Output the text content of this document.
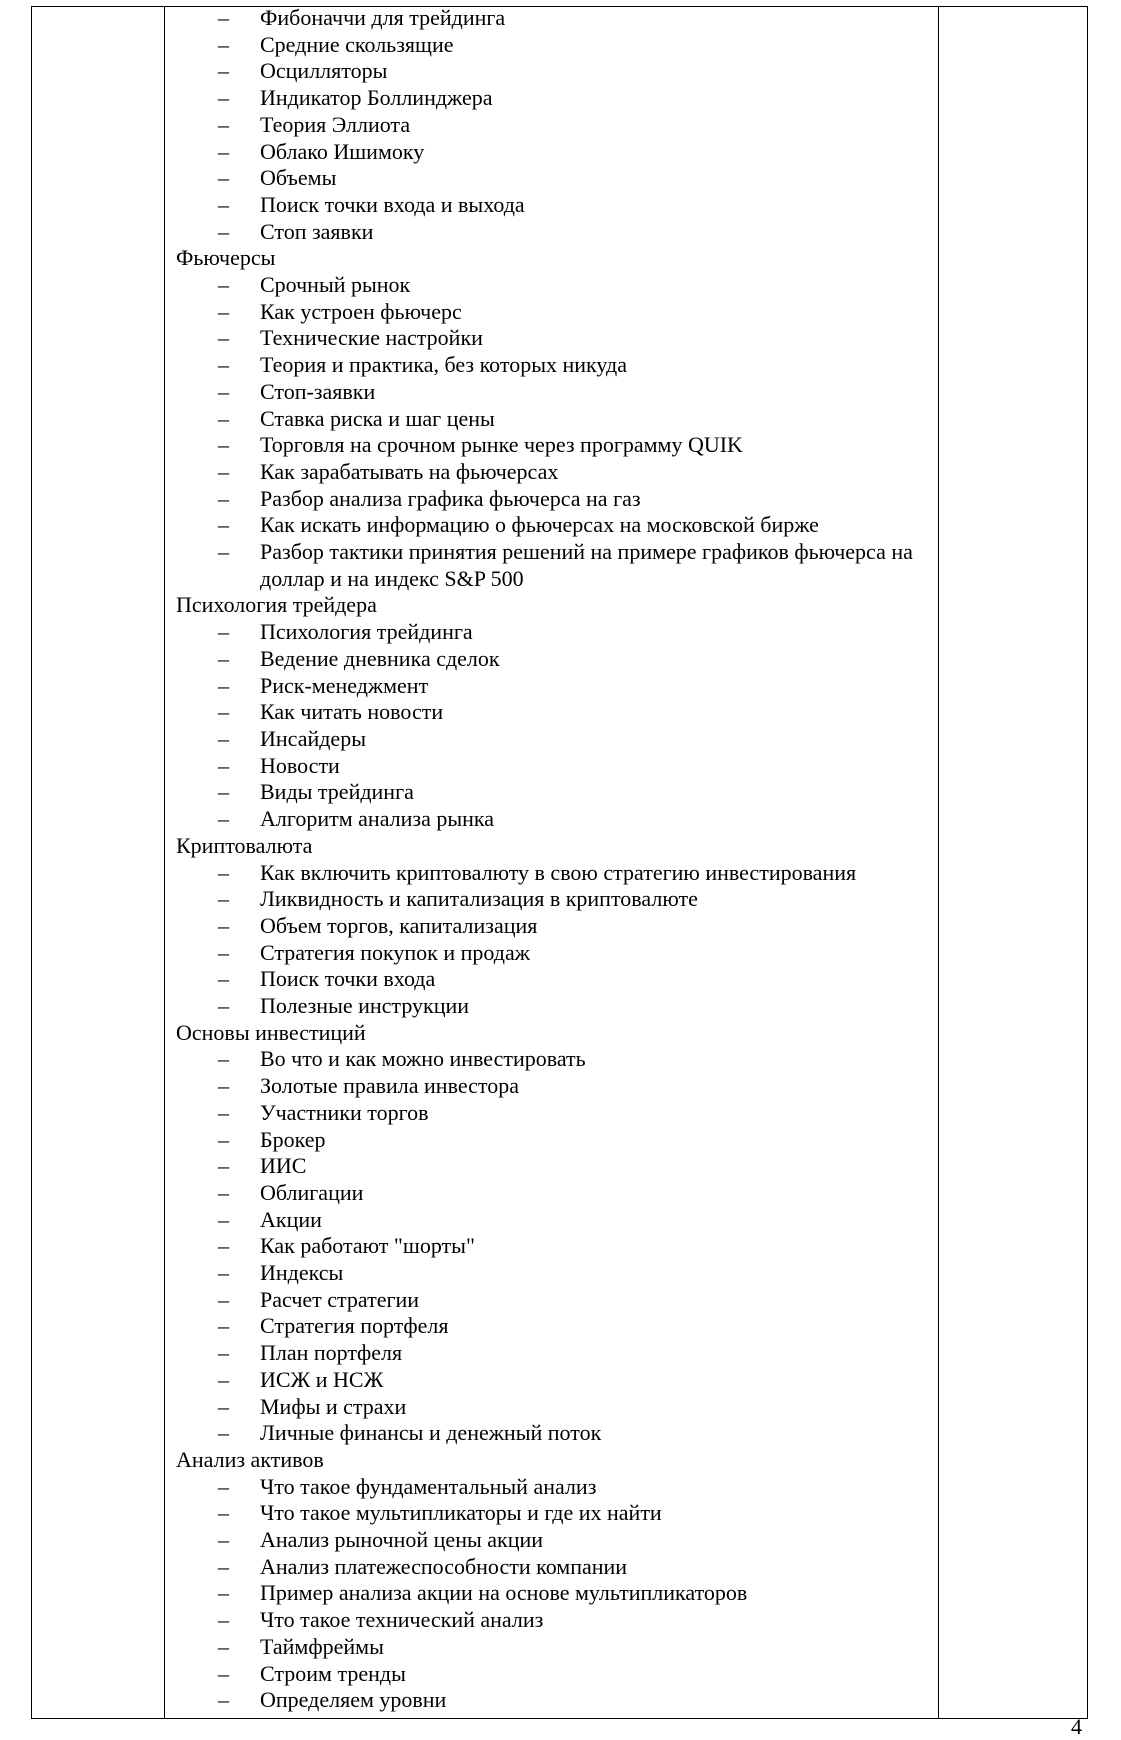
– Фибоначчи для трейдинга
– Средние скользящие
– Осцилляторы
– Индикатор Боллинджера
– Теория Эллиота
– Облако Ишимоку
– Объемы
– Поиск точки входа и выхода
– Стоп заявки
Фьючерсы
– Срочный рынок
– Как устроен фьючерс
– Технические настройки
– Теория и практика, без которых никуда
– Стоп-заявки
– Ставка риска и шаг цены
– Торговля на срочном рынке через программу QUIK
– Как зарабатывать на фьючерсах
– Разбор анализа графика фьючерса на газ
– Как искать информацию о фьючерсах на московской бирже
– Разбор тактики принятия решений на примере графиков фьючерса на доллар и на индекс S&P 500
Психология трейдера
– Психология трейдинга
– Ведение дневника сделок
– Риск-менеджмент
– Как читать новости
– Инсайдеры
– Новости
– Виды трейдинга
– Алгоритм анализа рынка
Криптовалюта
– Как включить криптовалюту в свою стратегию инвестирования
– Ликвидность и капитализация в криптовалюте
– Объем торгов, капитализация
– Стратегия покупок и продаж
– Поиск точки входа
– Полезные инструкции
Основы инвестиций
– Во что и как можно инвестировать
– Золотые правила инвестора
– Участники торгов
– Брокер
– ИИС
– Облигации
– Акции
– Как работают "шорты"
– Индексы
– Расчет стратегии
– Стратегия портфеля
– План портфеля
– ИСЖ и НСЖ
– Мифы и страхи
– Личные финансы и денежный поток
Анализ активов
– Что такое фундаментальный анализ
– Что такое мультипликаторы и где их найти
– Анализ рыночной цены акции
– Анализ платежеспособности компании
– Пример анализа акции на основе мультипликаторов
– Что такое технический анализ
– Таймфреймы
– Строим тренды
– Определяем уровни
4
